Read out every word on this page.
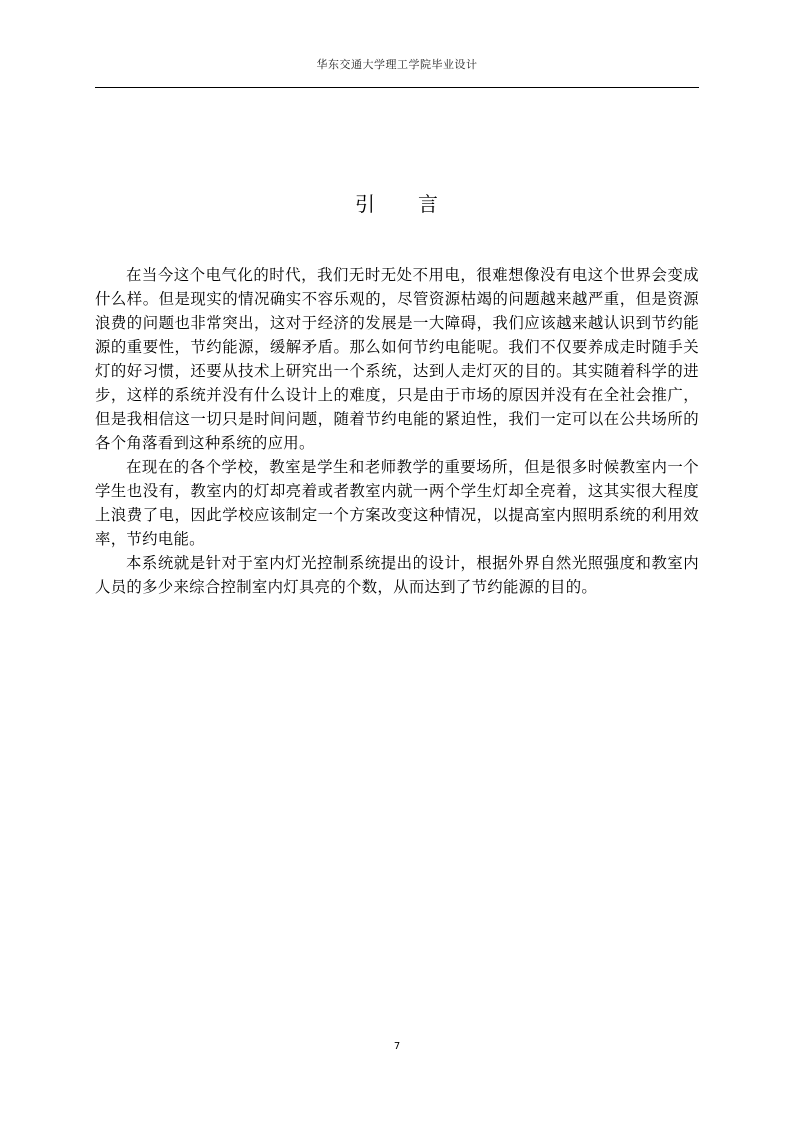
华东交通大学理工学院毕业设计
引 言

在当今这个电气化的时代，我们无时无处不用电，很难想像没有电这个世界会变成什么样。但是现实的情况确实不容乐观的，尽管资源枯竭的问题越来越严重，但是资源浪费的问题也非常突出，这对于经济的发展是一大障碍，我们应该越来越认识到节约能源的重要性，节约能源，缓解矛盾。那么如何节约电能呢。我们不仅要养成走时随手关灯的好习惯，还要从技术上研究出一个系统，达到人走灯灭的目的。其实随着科学的进步，这样的系统并没有什么设计上的难度，只是由于市场的原因并没有在全社会推广，但是我相信这一切只是时间问题，随着节约电能的紧迫性，我们一定可以在公共场所的各个角落看到这种系统的应用。

在现在的各个学校，教室是学生和老师教学的重要场所，但是很多时候教室内一个学生也没有，教室内的灯却亮着或者教室内就一两个学生灯却全亮着，这其实很大程度上浪费了电，因此学校应该制定一个方案改变这种情况，以提高室内照明系统的利用效率，节约电能。

本系统就是针对于室内灯光控制系统提出的设计，根据外界自然光照强度和教室内人员的多少来综合控制室内灯具亮的个数，从而达到了节约能源的目的。

7
